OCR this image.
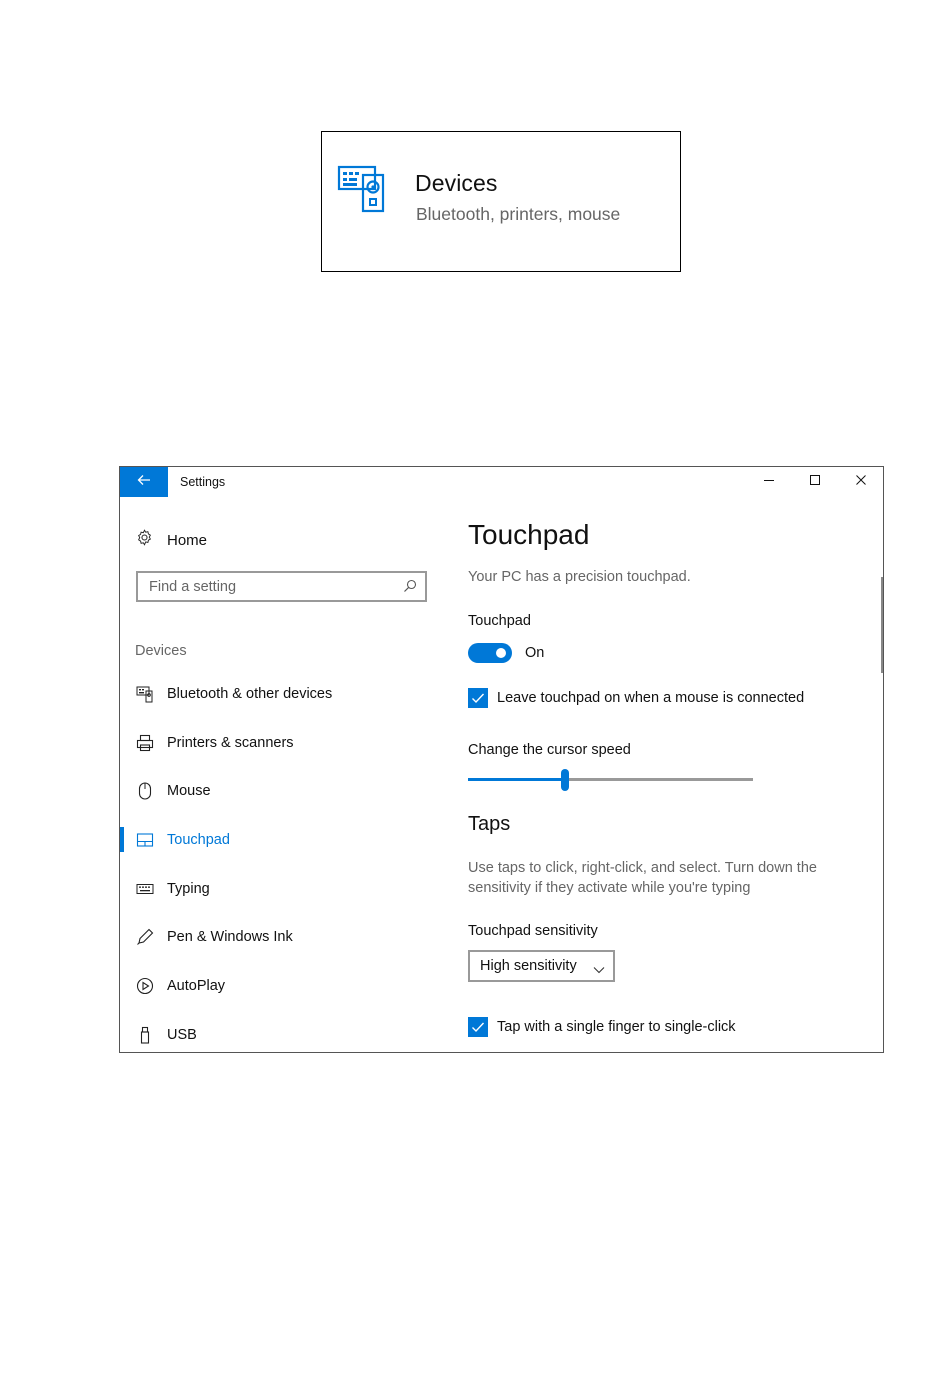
Devices
Bluetooth, printers, mouse
Settings
Home
Find a setting
Devices
Bluetooth & other devices
Printers & scanners
Mouse
Touchpad
Typing
Pen & Windows Ink
AutoPlay
USB
Touchpad
Your PC has a precision touchpad.
Touchpad
On
Leave touchpad on when a mouse is connected
Change the cursor speed
Taps
Use taps to click, right-click, and select. Turn down the sensitivity if they activate while you're typing
Touchpad sensitivity
High sensitivity
Tap with a single finger to single-click
